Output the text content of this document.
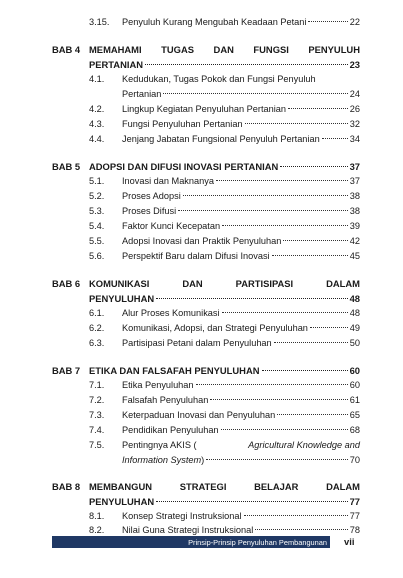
3.15. Penyuluh Kurang Mengubah Keadaan Petani	22
BAB 4 MEMAHAMI TUGAS DAN FUNGSI PENYULUH
PERTANIAN	23
4.1. Kedudukan, Tugas Pokok dan Fungsi Penyuluh
Pertanian	24
4.2. Lingkup Kegiatan Penyuluhan Pertanian	26
4.3. Fungsi Penyuluhan Pertanian	32
4.4. Jenjang Jabatan Fungsional Penyuluh Pertanian	34
BAB 5 ADOPSI DAN DIFUSI INOVASI PERTANIAN	37
5.1. Inovasi dan Maknanya	37
5.2. Proses Adopsi	38
5.3. Proses Difusi	38
5.4. Faktor Kunci Kecepatan	39
5.5. Adopsi Inovasi dan Praktik Penyuluhan	42
5.6. Perspektif Baru dalam Difusi Inovasi	45
BAB 6 KOMUNIKASI	DAN	PARTISIPASI	DALAM
PENYULUHAN	48
6.1. Alur Proses Komunikasi	48
6.2. Komunikasi, Adopsi, dan Strategi Penyuluhan	49
6.3. Partisipasi Petani dalam Penyuluhan	50
BAB 7 ETIKA DAN FALSAFAH PENYULUHAN	60
7.1. Etika Penyuluhan	60
7.2. Falsafah Penyuluhan	61
7.3. Keterpaduan Inovasi dan Penyuluhan	65
7.4. Pendidikan Penyuluhan	68
7.5. Pentingnya AKIS (	Agricultural Knowledge and
Information System)	70
BAB 8 MEMBANGUN	STRATEGI	BELAJAR	DALAM
PENYULUHAN	77
8.1. Konsep Strategi Instruksional	77
8.2. Nilai Guna Strategi Instruksional	78
Prinsip-Prinsip Penyuluhan Pembangunan vii
